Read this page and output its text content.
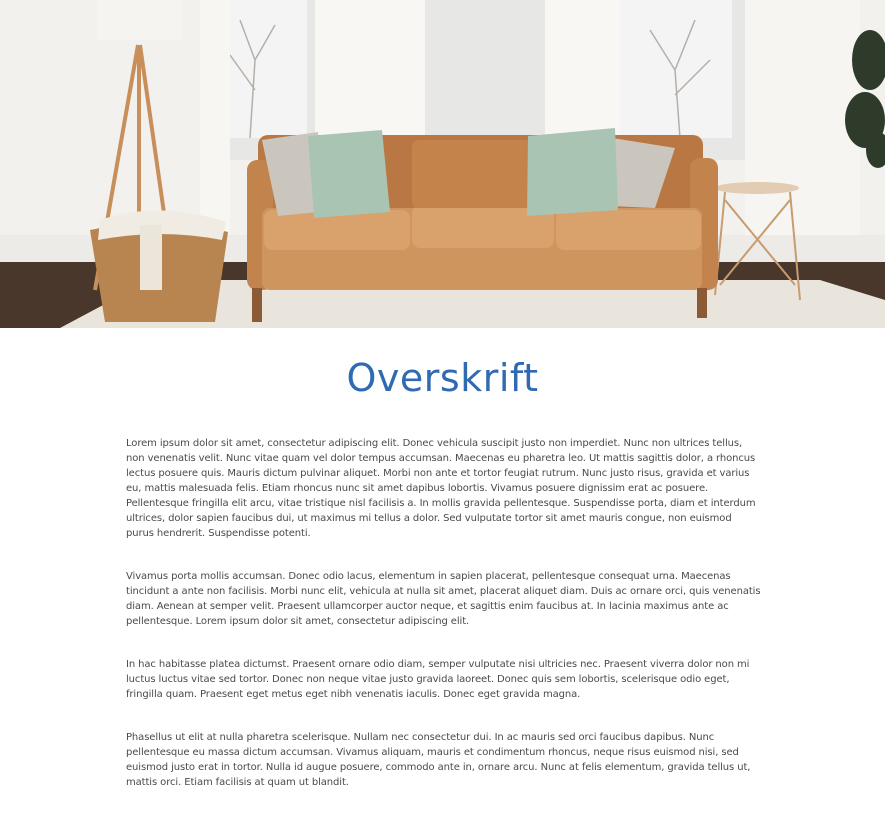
Overskrift

Lorem ipsum dolor sit amet, consectetur adipiscing elit. Donec vehicula suscipit justo non imperdiet. Nunc non ultrices tellus, non venenatis velit. Nunc vitae quam vel dolor tempus accumsan. Maecenas eu pharetra leo. Ut mattis sagittis dolor, a rhoncus lectus posuere quis. Mauris dictum pulvinar aliquet. Morbi non ante et tortor feugiat rutrum. Nunc justo risus, gravida et varius eu, mattis malesuada felis. Etiam rhoncus nunc sit amet dapibus lobortis. Vivamus posuere dignissim erat ac posuere. Pellentesque fringilla elit arcu, vitae tristique nisl facilisis a. In mollis gravida pellentesque. Suspendisse porta, diam et interdum ultrices, dolor sapien faucibus dui, ut maximus mi tellus a dolor. Sed vulputate tortor sit amet mauris congue, non euismod purus hendrerit. Suspendisse potenti.

Vivamus porta mollis accumsan. Donec odio lacus, elementum in sapien placerat, pellentesque consequat urna. Maecenas tincidunt a ante non facilisis. Morbi nunc elit, vehicula at nulla sit amet, placerat aliquet diam. Duis ac ornare orci, quis venenatis diam. Aenean at semper velit. Praesent ullamcorper auctor neque, et sagittis enim faucibus at. In lacinia maximus ante ac pellentesque. Lorem ipsum dolor sit amet, consectetur adipiscing elit.

In hac habitasse platea dictumst. Praesent ornare odio diam, semper vulputate nisi ultricies nec. Praesent viverra dolor non mi luctus luctus vitae sed tortor. Donec non neque vitae justo gravida laoreet. Donec quis sem lobortis, scelerisque odio eget, fringilla quam. Praesent eget metus eget nibh venenatis iaculis. Donec eget gravida magna.

Phasellus ut elit at nulla pharetra scelerisque. Nullam nec consectetur dui. In ac mauris sed orci faucibus dapibus. Nunc pellentesque eu massa dictum accumsan. Vivamus aliquam, mauris et condimentum rhoncus, neque risus euismod nisi, sed euismod justo erat in tortor. Nulla id augue posuere, commodo ante in, ornare arcu. Nunc at felis elementum, gravida tellus ut, mattis orci. Etiam facilisis at quam ut blandit.
